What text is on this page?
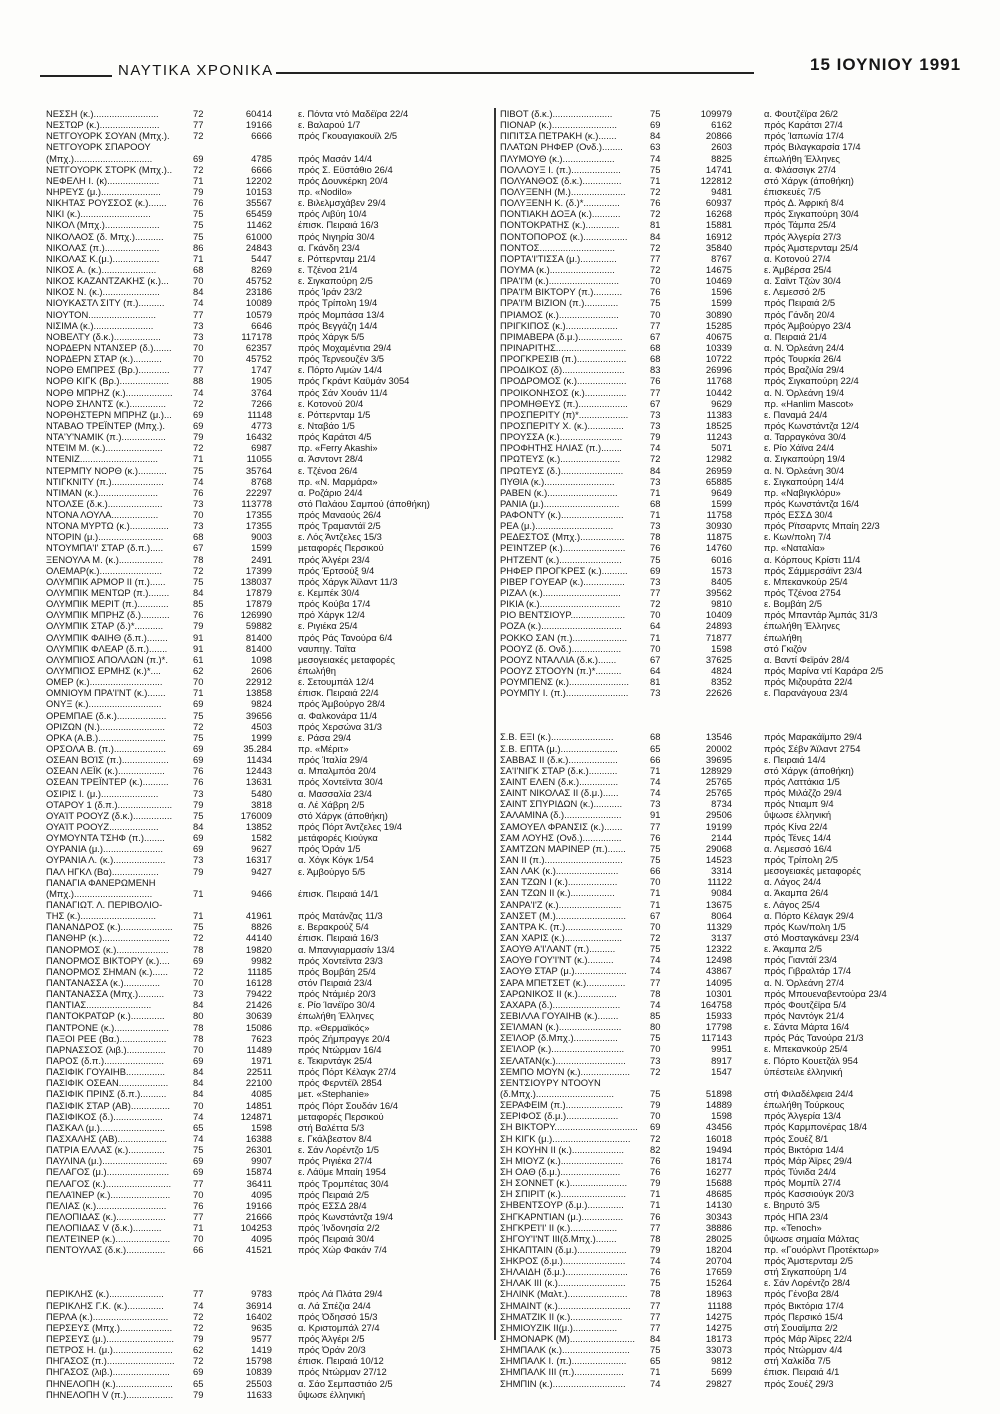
ΝΑΥΤΙΚΑ ΧΡΟΝΙΚΑ	15 ΙΟΥΝΙΟΥ 1991
ΝΕΣΣΗ (κ.).........................	72	60414	ε. Πόντα ντό Μαδέϊρα 22/4
ΝΕΣΤΩΡ (κ.).......................	77	19166	ε. Βαλαρού 1/7
ΝΕΤΓΟΥΟΡΚ ΣΟΥΑΝ (Μπχ.).	72	6666	πρός Γκουαγιακουϊλ 2/5
ΝΕΤΓΟΥΟΡΚ ΣΠΑΡΟΟΥ
(Μπχ.)..............................	69	4785	πρός Μασάν 14/4
ΝΕΤΓΟΥΟΡΚ ΣΤΟΡΚ (Μπχ.)..	72	6666	πρός Σ. Εϋστάθιο 26/4
ΝΕΦΕΛΗ Ι. (κ)....................	71	12202	πρός Δουνκέρκη 20/4
ΝΗΡΕΥΣ (μ.).......................	79	10153	πρ. «Nodilo»
ΝΙΚΗΤΑΣ ΡΟΥΣΣΟΣ (κ.).......	76	35567	ε. Βιλελμσχάβεν 29/4
ΝΙΚΙ (κ.)...........................	75	65459	πρός Λιβύη 10/4
ΝΙΚΟΛ (Μπχ.).....................	75	11462	έπισκ. Πειραιά 16/3
ΝΙΚΟΛΑΟΣ (δ. Μπχ.)...........	75	61000	πρός Νιγηρία 30/4
ΝΙΚΟΛΑΣ (π.).....................	86	24843	α. Γκάνδη 23/4
ΝΙΚΟΛΑΣ Κ.(μ.)..................	71	5447	ε. Ρόττερνταμ 21/4
ΝΙΚΟΣ Α. (κ.).....................	68	8269	ε. Τζένοα 21/4
ΝΙΚΟΣ ΚΑΖΑΝΤΖΑΚΗΣ (κ.)...	70	45752	ε. Σιγκαπούρη 2/5
ΝΙΚΟΣ Ν. (κ.)......................	84	23186	πρός Ίράν 23/2
ΝΙΟΥΚΑΣΤΛ ΣΙΤΥ (π.)..........	74	10089	πρός Τρίπολη 19/4
ΝΙΟΥΤΟΝ..........................	77	10579	πρός Μομπάσα 13/4
ΝΙΣΙΜΑ (κ.).......................	73	6646	πρός Βεγγάζη 14/4
ΝΟΒΕΛΤΥ (δ.κ.)..................	73	117178	πρός Χάργκ 5/5
ΝΟΡΔΕΡΝ ΝΤΑΝΣΕΡ (δ.).......	70	62357	πρός Μοχαμέντια 29/4
ΝΟΡΔΕΡΝ ΣΤΑΡ (κ.)...........	70	45752	πρός Τερνεουζέν 3/5
ΝΟΡΘ ΕΜΠΡΕΣ (Βρ.)............	77	1747	ε. Πόρτο Λιμών 14/4
ΝΟΡΘ ΚΙΓΚ (Βρ.)...................	88	1905	πρός Γκράντ Καϋμάν 3054
ΝΟΡΘ ΜΠΡΗΖ (κ.)..................	74	3764	πρός Σάν Χουάν 11/4
ΝΟΡΘ ΣΗΛΝΤΣ (κ.)..............	72	7266	ε. Κοτονού 20/4
ΝΟΡΘΗΣΤΕΡΝ ΜΠΡΗΖ (μ.)...	69	11148	ε. Ρόττερνταμ 1/5
ΝΤΑΒΑΟ ΤΡΕΪΝΤΕΡ (Μπχ.).	69	4773	ε. Νταβάο 1/5
ΝΤΑ'Υ'ΝΑΜΙΚ (π.).................	79	16432	πρός Καράτσι 4/5
ΝΤΕΊΜ Μ. (κ.)......................	72	6987	πρ. «Ferry Akashi»
ΝΤΕΝΙΖ..............................	71	11055	α. Άσντοντ 28/4
ΝΤΕΡΜΠΥ ΝΟΡΘ (κ.)...........	75	35764	ε. Τζένοα 26/4
ΝΤΙΓΚΝΙΤΥ (π.)....................	74	8768	πρ. «Ν. Μαρμάρα»
ΝΤΙΜΑΝ (κ.).......................	76	22297	α. Ροζάριο 24/4
ΝΤΟΛΣΕ (δ.κ.).....................	73	113778	στό Παλάου Σαμπού (άποθήκη)
ΝΤΟΝΑ ΛΟΥΛΑ..................	70	17355	πρός Μαναούς 26/4
ΝΤΟΝΑ ΜΥΡΤΩ (κ.)...............	73	17355	πρός Τραμαντάϊ 2/5
ΝΤΟΡΙΝ (μ.).........................	68	9003	ε. Λός Άντζελες 15/3
ΝΤΟΥΜΠΑ'Ι' ΣΤΑΡ (δ.π.).....	67	1599	μεταφορές Περσικού
ΞΕΝΟΥΛΑ Μ. (κ.).................	78	2491	πρός Άλγέρι 23/4
ΟΛΕΜΑΡ(κ.)........................	72	17399	πρός Έρτσούξ 9/4
ΟΛΥΜΠΙΚ ΑΡΜΟΡ ΙΙ (π.)......	75	138037	πρός Χάργκ Άϊλαντ 11/3
ΟΛΥΜΠΙΚ ΜΕΝΤΩΡ (π.)........	84	17879	ε. Κεμπέκ 30/4
ΟΛΥΜΠΙΚ ΜΕΡΙΤ (π.)............	85	17879	πρός Κούβα 17/4
ΟΛΥΜΠΙΚ ΜΠΡΗΖ (δ.)...........	76	126990	πρό Χάργκ 12/4
ΟΛΥΜΠΙΚ ΣΤΑΡ (δ.)*...........	79	59882	ε. Ριγιέκα 25/4
ΟΛΥΜΠΙΚ ΦΑΙΗΘ (δ.π.)........	91	81400	πρός Ράς Τανούρα 6/4
ΟΛΥΜΠΙΚ ΦΛΕΑΡ (δ.π.).......	91	81400	ναυπηγ. Ταϊτα
ΟΛΥΜΠΙΟΣ ΑΠΟΛΛΩΝ (π.)*.	61	1098	μεσογειακές μεταφορές
ΟΛΥΜΠΙΟΣ ΕΡΜΗΣ (κ.)*....	62	2606	έπωλήθη
ΟΜΕΡ (κ.)............................	70	22912	ε. Σετουμπάλ 12/4
ΟΜΝΙΟΥΜ ΠΡΑ'Ι'ΝΤ (κ.).......	71	13858	έπισκ. Πειραιά 22/4
ΟΝΥΞ (κ.)............................	69	9824	πρός Άμβούργο 28/4
ΟΡΕΜΠΑΕ (δ.κ.)...................	75	39656	α. Φαλκονάρα 11/4
ΟΡΙΖΩΝ (Ν.).........................	72	4503	πρός Χερσώνα 31/3
ΟΡΚΑ (Α.Β.)..........................	75	1999	ε. Ράσα 29/4
ΟΡΣΟΛΑ Β. (π.)....................	69	35.284	πρ. «Μέριτ»
ΟΣΕΑΝ ΒΟΊΣ (π.)..................	69	11434	πρός Ίταλία 29/4
ΟΣΕΑΝ ΛΕΪΚ (κ.)..................	76	12443	α. Μπαλμπόα 20/4
ΟΣΕΑΝ ΤΡΕΪΝΤΕΡ (κ.)..........	76	13631	πρός Χοντεϊντα 30/4
ΟΣΙΡΙΣ Ι. (μ.)......................	73	5480	α. Μασσαλία 23/4
ΟΤΑΡΟΥ 1 (δ.π.).....................	79	3818	α. Λέ Χάβρη 2/5
ΟΥΑΊΤ ΡΟΟΥΖ (δ.κ.)...............	75	176009	στό Χάργκ (άποθήκη)
ΟΥΑΊΤ ΡΟΟΥΖ...................	84	13852	πρός Πόρτ Άντζελες 19/4
ΟΥΜΟΥΝΤΑ ΤΣΗΦ (π.)........	69	1582	μετάφορές Κιούγκα
ΟΥΡΑΝΙΑ (μ.).......................	69	9627	πρός Όράν 1/5
ΟΥΡΑΝΙΑ Λ. (κ.)....................	73	16317	α. Χόγκ Κόγκ 1/54
ΠΑΛ ΗΓΚΛ (Βα)..................	79	9427	ε. Άμβούργο 5/5
ΠΑΝΑΓΙΑ ΦΑΝΕΡΩΜΕΝΗ
(Μπχ.)..............................	71	9466	έπισκ. Πειραιά 14/1
ΠΑΝΑΓΙΩΤ. Λ. ΠΕΡΙΒΟΛΙΟ-
ΤΗΣ (κ.).............................	71	41961	πρός Ματάνζας 11/3
ΠΑΝΑΝΔΡΟΣ (κ.)....................	75	8826	ε. Βερακρούζ 5/4
ΠΑΝΘΗΡ (κ.)..........................	72	44140	έπισκ. Πειραιά 16/3
ΠΑΝΟΡΜΟΣ (κ.)....................	78	19820	α. Μπανγιαρμασίν 13/4
ΠΑΝΟΡΜΟΣ ΒΙΚΤΟΡΥ (κ.)....	69	9982	πρός Χοντεϊντα 23/3
ΠΑΝΟΡΜΟΣ ΣΗΜΑΝ (κ.)......	72	11185	πρός Βομβάη 25/4
ΠΑΝΤΑΝΑΣΣΑ (κ.)..............	70	16128	στόν Πειραιά 23/4
ΠΑΝΤΑΝΑΣΣΑ (Μπχ.)..........	73	79422	πρός Ντάμιέρ 20/3
ΠΑΝΤΙΑΣ.........................	84	21426	ε. Ρίο Ίανέϊρο 30/4
ΠΑΝΤΟΚΡΑΤΩΡ (κ.).............	80	30639	έπωλήθη Έλληνες
ΠΑΝΤΡΟΝΕ (κ.).....................	78	15086	πρ. «Θερμαϊκός»
ΠΑΞΟΙ ΡΕΕ (Βα.)..................	78	7623	πρός Ζήμπραγγε 20/4
ΠΑΡΝΑΣΣΟΣ (λιβ.)...............	70	11489	πρός Ντώρμαν 16/4
ΠΑΡΟΣ (δ.π.).......................	69	1971	ε. Τεκιρντάγκ 25/4
ΠΑΣΙΦΙΚ ΓΟΥΑΙΗΒ...............	84	22511	πρός Πόρτ Κέλαγκ 27/4
ΠΑΣΙΦΙΚ ΟΣΕΑΝ...................	84	22100	πρός Φερντέϊλ 2854
ΠΑΣΙΦΙΚ ΠΡΙΝΣ (δ.π.)..........	84	4085	μετ. «Stephanie»
ΠΑΣΙΦΙΚ ΣΤΑΡ (ΑΒ)...............	70	14851	πρός Πόρτ Σουδάν 16/4
ΠΑΣΙΦΙΚΟΣ (δ.)...................	74	124871	μεταφορές Περσικού
ΠΑΣΚΑΛ (μ.).........................	65	1598	στή Βαλέττα 5/3
ΠΑΣΧΑΛΗΣ (ΑΒ)...................	74	16388	ε. Γκάλβεστον 8/4
ΠΑΤΡΙΑ ΕΛΛΑΣ (κ.)..............	75	26301	ε. Σάν Λορέντζο 1/5
ΠΑΥΛΙΝΑ (μ.).........................	69	9907	πρός Ριγιέκα 27/4
ΠΕΛΑΓΟΣ (μ.)........................	69	15874	ε. Λάϋμε Μπαίη 1954
ΠΕΛΑΓΟΣ (κ.).........................	77	36411	πρός Τρομπέτας 30/4
ΠΕΛΑΊΝΕΡ (κ.).......................	70	4095	πρός Πειραιά 2/5
ΠΕΛΙΑΣ (κ.)...........................	76	19166	πρός ΕΣΣΔ 28/4
ΠΕΛΟΠΙΔΑΣ (κ.)...................	77	21666	πρός Κωνστάντζα 19/4
ΠΕΛΟΠΙΔΑΣ V (δ.κ.)...........	71	104253	πρός Ίνδονησία 2/2
ΠΕΛΤΕΊΝΕΡ (κ.).....................	70	4095	πρός Πειραιά 30/4
ΠΕΝΤΟΥΛΑΣ (δ.κ.)...............	66	41521	πρός Χώρ Φακάν 7/4
ΠΕΡΙΚΛΗΣ (κ.).....................	77	9783	πρός Λά Πλάτα 29/4
ΠΕΡΙΚΛΗΣ Γ.Κ. (κ.)..............	74	36914	α. Λά Σπέζια 24/4
ΠΕΡΛΑ (κ.).............................	72	16402	πρός Όδησσό 15/3
ΠΕΡΣΕΥΣ (Μπχ.)....................	72	9635	α. Κριστομπάλ 27/4
ΠΕΡΣΕΥΣ (μ.)..........................	79	9577	πρός Άλγέρι 2/5
ΠΕΤΡΟΣ Η. (μ.).......................	62	1419	πρός Όράν 20/3
ΠΗΓΑΣΟΣ (π.)..........................	72	15798	έπισκ. Πειραιά 10/12
ΠΗΓΑΣΟΣ (λιβ.)......................	69	10839	πρός Ντώρμαν 27/12
ΠΗΝΕΛΟΠΗ (κ.)......................	65	25503	α. Σάο Σεμπαστιάο 2/5
ΠΗΝΕΛΟΠΗ V (π.)..................	79	11633	ΰψωσε έλληνική
ΠΙΒΟΤ (δ.κ.).......................	75	109979	α. Φουτζέϊρα 26/2
ΠΙΟΝΑΡ (κ.).........................	69	6162	πρός Καράτσι 27/4
ΠΙΠΙΤΣΑ ΠΕΤΡΑΚΗ (κ.).......	84	20866	πρός Ίαπωνία 17/4
ΠΛΑΤΩΝ ΡΗΦΕΡ (Ονδ.)........	63	2603	πρός Βιλαγκαρσία 17/4
ΠΛΥΜΟΥΘ (κ.)....................	74	8825	έπωλήθη Έλληνες
ΠΟΛΛΟΥΞ Ι. (π.)...................	75	14741	α. Φλάσσιγκ 27/4
ΠΟΛΥΑΝΘΟΣ (δ.κ.)...............	71	122812	στό Χάργκ (άποθήκη)
ΠΟΛΥΞΕΝΗ (Μ.).....................	72	9481	έπισκευές 7/5
ΠΟΛΥΞΕΝΗ Κ. (δ.)*..............	76	60937	πρός Δ. Άφρική 8/4
ΠΟΝΤΙΑΚΗ ΔΟΞΑ (κ.)...........	72	16268	πρός Σιγκαπούρη 30/4
ΠΟΝΤΟΚΡΑΤΗΣ (κ.).............	81	15881	πρός Τάμπα 25/4
ΠΟΝΤΟΠΟΡΟΣ (κ.).................	84	16912	πρός Άλγερία 27/3
ΠΟΝΤΟΣ.............................	72	35840	πρός Άμστερνταμ 25/4
ΠΟΡΤΑ'Ι'ΤΙΣΣΑ (μ.)..............	77	8767	α. Κοτονού 27/4
ΠΟΥΜΑ (κ.).........................	72	14675	ε. Άμβέρσα 25/4
ΠΡΑ'Ι'Μ (κ.)...........................	70	10469	α. Σαϊντ Τζών 30/4
ΠΡΑ'Ι'Μ ΒΙΚΤΟΡΥ (π.)...........	76	1596	ε. Λεμεσσό 2/5
ΠΡΑ'Ι'Μ ΒΙΖΙΟΝ (π.).............	75	1599	πρός Πειραιά 2/5
ΠΡΙΑΜΟΣ (κ.).......................	70	30890	πρός Γάνδη 20/4
ΠΡΙΓΚΙΠΟΣ (κ.)....................	77	15285	πρός Άμβούργο 23/4
ΠΡΙΜΑΒΕΡΑ (δ.μ.).................	67	40675	α. Πειραιά 21/4
ΠΡΙΝΑΡΙΤΗΣ...........................	68	10339	α. Ν. Όρλεάνη 24/4
ΠΡΟΓΚΡΕΣΙΒ (π.)...................	68	10722	πρός Τουρκία 26/4
ΠΡΟΔΙΚΟΣ (δ)........................	83	26996	πρός Βραζιλία 29/4
ΠΡΟΔΡΟΜΟΣ (κ.)...................	76	11768	πρός Σιγκαπούρη 22/4
ΠΡΟΙΚΟΝΗΣΟΣ (κ.)................	77	10442	α. Ν. Όρλεάνη 19/4
ΠΡΟΜΗΘΕΥΣ (π.)...................	67	9629	πρ. «Hanlim Mascot»
ΠΡΟΣΠΕΡΙΤΥ (π)*...................	73	11383	ε. Παναμά 24/4
ΠΡΟΣΠΕΡΙΤΥ Χ. (κ.)..............	73	18525	πρός Κωνστάντζα 12/4
ΠΡΟΥΣΣΑ (κ.)........................	79	11243	α. Ταρραγκόνα 30/4
ΠΡΟΦΗΤΗΣ ΗΛΙΑΣ (π.)........	74	5071	ε. Ρίο Χάϊνα 24/4
ΠΡΩΤΕΥΣ (κ.).......................	72	12982	α. Σιγκαπούρη 19/4
ΠΡΩΤΕΥΣ (δ.)........................	84	26959	α. Ν. Όρλεάνη 30/4
ΠΥΘΙΑ (κ.)...........................	73	65885	ε. Σιγκαπούρη 14/4
ΡΑΒΕΝ (κ.)...........................	71	9649	πρ. «Ναβιγκλόρυ»
ΡΑΝΙΑ (μ.).............................	68	1599	πρός Κωνστάντζα 16/4
ΡΑΦΟΝΤΥ (κ.)........................	71	11758	πρός ΕΣΣΔ 30/4
ΡΕΑ (μ.)..............................	73	30930	πρός Ρϊτσαρντς Μπαίη 22/3
ΡΕΔΕΣΤΟΣ (Μπχ.).................	78	11875	ε. Κων/πολη 7/4
ΡΕΊΝΤΖΕΡ (κ.)........................	76	14760	πρ. «Ναταλία»
ΡΗΤΖΕΝΤ (κ.)........................	75	6016	α. Κόρπους Κρίστι 11/4
ΡΗΦΕΡ ΠΡΟΓΚΡΕΣ (κ.)..........	69	1573	πρός Σάμμερσάϊντ 23/4
ΡΙΒΕΡ ΓΟΥΕΑΡ (κ.)................	73	8405	ε. Μπεκανκούρ 25/4
ΡΙΖΑΛ (κ.)..............................	77	39562	πρός Τζένοα 2754
ΡΙΚΙΑ (κ.)...............................	72	9810	ε. Βομβάη 2/5
ΡΙΟ ΒΕΝΤΣΙΟΥΡ.....................	70	10409	πρός Μπαντάρ Άμπάς 31/3
ΡΟΖΑ (κ.)...............................	64	24893	έπωλήθη Έλληνες
ΡΟΚΚΟ ΣΑΝ (π.).....................	71	71877	έπωλήθη
ΡΟΟΥΖ (δ. Ονδ.)...................	70	1598	στό Γκιζόν
ΡΟΟΥΖ ΝΤΑΛΛΙΑ (δ.κ.).......	67	37625	α. Βαντί Φεϊράν 28/4
ΡΟΟΥΖ ΣΤΟΟΥΝ (π.)*..........	64	4824	πρός Μαρίνα ντί Καράρα 2/5
ΡΟΥΜΠΕΝΣ (κ.).......................	81	8352	πρός Μιζουράτα 22/4
ΡΟΥΜΠΥ Ι. (π.)........................	73	22626	ε. Παρανάγουα 23/4
Σ.Β. ΕΞΙ (κ.)........................	68	13546	πρός Μαρακάϊμπο 29/4
Σ.Β. ΕΠΤΑ (μ.)......................	65	20002	πρός Σέβν Άϊλαντ 2754
ΣΑΒΒΑΣ ΙΙ (δ.κ.)...................	66	39695	ε. Πειραιά 14/4
ΣΑ'Ι'ΝΙΓΚ ΣΤΑΡ (δ.κ.)...........	71	128929	στό Χάργκ (άποθήκη)
ΣΑΙΝΤ ΕΛΕΝ (δ.κ.)...............	74	25765	πρός Λαττάκια 1/5
ΣΑΙΝΤ ΝΙΚΟΛΑΣ ΙΙ (δ.μ.)......	74	25765	πρός Μιλάζζο 29/4
ΣΑΙΝΤ ΣΠΥΡΙΔΩΝ (κ.)...........	73	8734	πρός Ντιαμπ 9/4
ΣΑΛΑΜΙΝΑ (δ.)......................	91	29506	ΰψωσε έλληνική
ΣΑΜΟΥΕΛ ΦΡΑΝΣΙΣ (κ.).......	77	19199	πρός Κίνα 22/4
ΣΑΜ ΛΟΥΗΣ (Ονδ.)...............	76	2144	πρός Τένες 14/4
ΣΑΜΤΖΩΝ ΜΑΡΙΝΕΡ (π.).......	75	29068	α. Λεμεσσό 16/4
ΣΑΝ ΙΙ (π.)..............................	75	14523	πρός Τρίπολη 2/5
ΣΑΝ ΛΑΚ (κ.)........................	66	3314	μεσογειακές μεταφορές
ΣΑΝ ΤΖΩΝ Ι (κ.)...................	70	11122	α. Λάγος 24/4
ΣΑΝ ΤΖΩΝ ΙΙ (κ.).................	71	9084	α. Άκαμπα 26/4
ΣΑΝΡΑ'Ι'Ζ (κ.)........................	71	13675	ε. Λάγος 25/4
ΣΑΝΣΕΤ (Μ.)...........................	67	8064	α. Πόρτο Κέλαγκ 29/4
ΣΑΝΤΡΑ Κ. (π.)......................	70	11329	πρός Κων/πολη 1/5
ΣΑΝ ΧΑΡΙΣ (κ.)......................	72	3137	στό Μοσταγκάνεμ 23/4
ΣΑΟΥΘ Α'Ι'ΛΑΝΤ (π.)..........	75	12322	ε. Άκαμπα 2/5
ΣΑΟΥΘ ΓΟΥ'Ι'ΝΤ (κ.)..........	74	12498	πρός Γιαντάϊ 23/4
ΣΑΟΥΘ ΣΤΑΡ (μ.)....................	74	43867	πρός Γιβραλτάρ 17/4
ΣΑΡΑ ΜΠΕΤΣΕΤ (κ.)...............	77	14095	α. Ν. Όρλεάνη 27/4
ΣΑΡΩΝΙΚΟΣ ΙΙ (κ.)...............	78	10301	πρός Μπουεναβεντούρα 23/4
ΣΑΧΑΡΑ (δ.)..........................	74	164758	πρός Φουτζέϊρα 5/4
ΣΕΒΙΛΛΑ ΓΟΥΑΙΗΒ (κ.)........	85	15933	πρός Ναντόγκ 21/4
ΣΕΊΛΜΑΝ (κ.)........................	80	17798	ε. Σάντα Μάρτα 16/4
ΣΕΊΛΟΡ (δ.Μπχ.).................	75	117143	πρός Ράς Τανούρα 21/3
ΣΕΊΛΟΡ (κ.)............................	70	9951	ε. Μπεκανκούρ 25/4
ΣΕΛΑΤΑΝ(κ.)...........................	73	8917	ε. Πόρτο Κουετζάλ 954
ΣΕΜΠΟ ΜΟΥΝ (κ.)...................	72	1547	ύπέστειλε έλληνική
ΣΕΝΤΣΙΟΥΡΥ ΝΤΟΟΥΝ
(δ.Μπχ.)..............................	75	51898	στή Φιλαδέλφεια 24/4
ΣΕΡΑΦΕΙΜ (π.)......................	79	14889	έπωλήθη Τούρκους
ΣΕΡΙΦΟΣ (δ.μ.)....................	70	1598	πρός Άλγερία 13/4
ΣΗ ΒΙΚΤΟΡΥ................................ 69	43456	πρός Καρμπονέρας 18/4
ΣΗ ΚΙΓΚ (μ.)..............................	72	16018	πρός Σουέζ 8/1
ΣΗ ΚΟΥΗΝ ΙΙ (κ.)....................	82	19494	πρός Βικτόρια 14/4
ΣΗ ΜΙΟΥΖ (κ.)........................	76	18174	πρός Μάρ Άϊρες 29/4
ΣΗ ΟΑΘ (δ.μ.).......................	76	16277	πρός Τύνιδα 24/4
ΣΗ ΣΟΝΝΕΤ (κ.)......................	79	15688	πρός Μομπίλ 27/4
ΣΗ ΣΠΙΡΙΤ (κ.).........................	71	48685	πρός Κασσιούγκ 20/3
ΣΗΒΕΝΤΣΟΥΡ (δ.μ.)..............	71	14130	ε. Βηρυτό 3/5
ΣΗΓΚΑΡΝΤΙΑΝ (μ.)................	76	30343	πρός ΗΠΑ 23/4
ΣΗΓΚΡΕΊ'Ι' ΙΙ (κ.)..................	77	38886	πρ. «Tenoch»
ΣΗΓΟΥ'Ι'ΝΤ ΙΙΙ(δ.Μπχ.)........	78	28025	ΰψωσε σημαία Μάλτας
ΣΗΚΑΠΤΑΙΝ (δ.μ.)...................	79	18204	πρ. «Γουόρλντ Προτέκτωρ»
ΣΗΚΡΟΣ (δ.μ.)........................	74	20704	πρός Άμστερνταμ 2/5
ΣΗΛΑΙΔΗ (δ.μ.)........................	76	17659	στή Σιγκαπούρη 1/4
ΣΗΛΑΚ ΙΙΙ (κ.)..........................	75	15264	ε. Σάν Λορέντζο 28/4
ΣΗΛΙΝΚ (Μαλτ.).......................	78	18963	πρός Γένοβα 28/4
ΣΗΜΑΙΝΤ (κ.)............................	77	11188	πρός Βικτόρια 17/4
ΣΗΜΑΤΖΙΚ ΙΙ (κ.)....................	77	14275	πρός Περσικό 15/4
ΣΗΜΙΟΥΖΙΚ ΙΙ(μ.).................	77	14275	στή Σουαϊμπα 2/2
ΣΗΜΟΝΑΡΚ (Μ).........................	84	18173	πρός Μάρ Άϊρες 22/4
ΣΗΜΠΑΛΚ (κ.)..........................	75	33073	πρός Ντώρμαν 4/4
ΣΗΜΠΑΛΚ Ι. (π.).....................	65	9812	στή Χαλκίδα 7/5
ΣΗΜΠΑΛΚ ΙΙΙ (π.)...................	71	5699	έπισκ. Πειραιά 4/1
ΣΗΜΠΙΝ (κ.)............................	74	29827	πρός Σουέζ 29/3
